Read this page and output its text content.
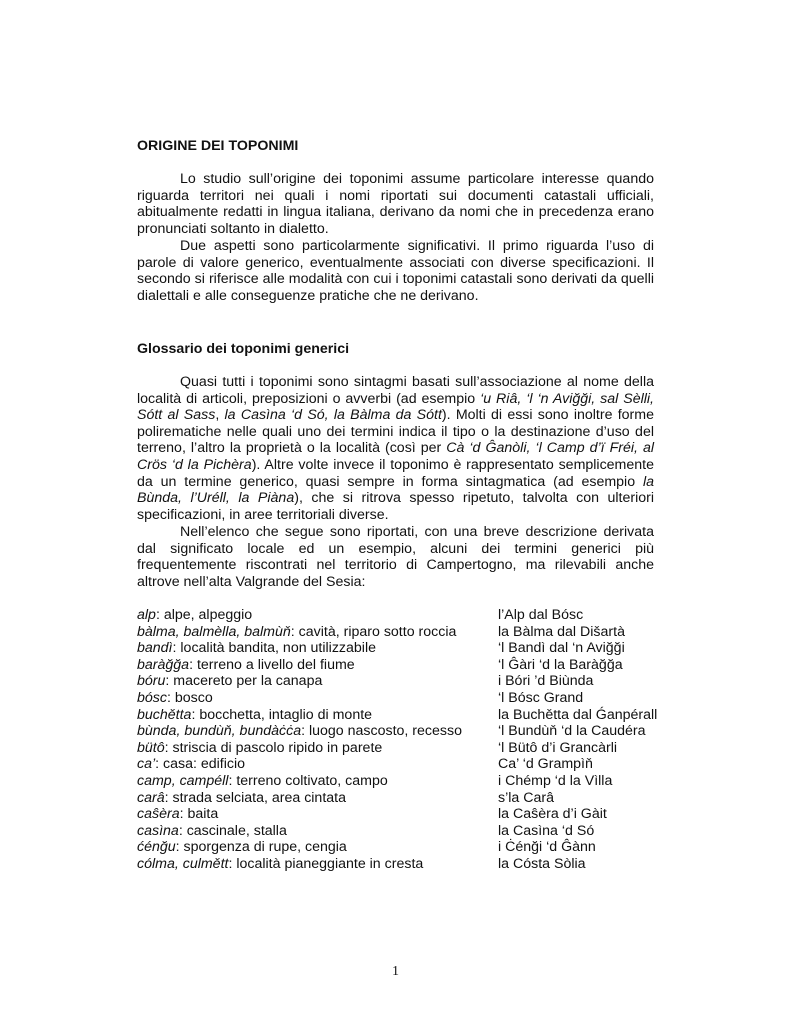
ORIGINE DEI TOPONIMI

Lo studio sull’origine dei toponimi assume particolare interesse quando riguarda territori nei quali i nomi riportati sui documenti catastali ufficiali, abitualmente redatti in lingua italiana, derivano da nomi che in precedenza erano pronunciati soltanto in dialetto.

Due aspetti sono particolarmente significativi. Il primo riguarda l’uso di parole di valore generico, eventualmente associati con diverse specificazioni. Il secondo si riferisce alle modalità con cui i toponimi catastali sono derivati da quelli dialettali e alle conseguenze pratiche che ne derivano.

Glossario dei toponimi generici

Quasi tutti i toponimi sono sintagmi basati sull’associazione al nome della località di articoli, preposizioni o avverbi (ad esempio ‘u Riâ, ‘l ‘n Aviğği, sal Sèlli, Sótt al Sass, la Casìna ‘d Só, la Bàlma da Sótt). Molti di essi sono inoltre forme polirematiche nelle quali uno dei termini indica il tipo o la destinazione d’uso del terreno, l’altro la proprietà o la località (così per Cà ‘d Ĝanòli, ‘l Camp d’ï Fréi, al Crös ‘d la Pichèra). Altre volte invece il toponimo è rappresentato semplicemente da un termine generico, quasi sempre in forma sintagmatica (ad esempio la Bùnda, l’Uréll, la Piàna), che si ritrova spesso ripetuto, talvolta con ulteriori specificazioni, in aree territoriali diverse.

Nell’elenco che segue sono riportati, con una breve descrizione derivata dal significato locale ed un esempio, alcuni dei termini generici più frequentemente riscontrati nel territorio di Campertogno, ma rilevabili anche altrove nell’alta Valgrande del Sesia:

alp: alpe, alpeggio	l’Alp dal Bósc
bàlma, balmèlla, balmùň: cavità, riparo sotto roccia	la Bàlma dal Dišartà
bandì: località bandita, non utilizzabile	‘l Bandì dal ‘n Aviğği
baràğğa: terreno a livello del fiume	‘l Ĝàri ‘d la Baràğğa
bóru: macereto per la canapa	i Bóri ’d Biùnda
bósc: bosco	‘l Bósc Grand
buchětta: bocchetta, intaglio di monte	la Buchětta dal Ǵanpérall
bùnda, bundùň, bundàċċa: luogo nascosto, recesso	‘l Bundùň ‘d la Caudéra
bütô: striscia di pascolo ripido in parete	‘l Bütô d’i Grancàrli
ca’: casa: edificio	Ca’ ‘d Grampìň
camp, campéll: terreno coltivato, campo	i Chémp ‘d la Vìlla
carâ: strada selciata, area cintata	s’la Carâ
caŝèra: baita	la Caŝèra d’i Gàit
casìna: cascinale, stalla	la Casìna ‘d Só
ćénğu: sporgenza di rupe, cengia	i Ċénği ‘d Ĝànn
cólma, culmětt: località pianeggiante in cresta	la Cósta Sòlia
1
